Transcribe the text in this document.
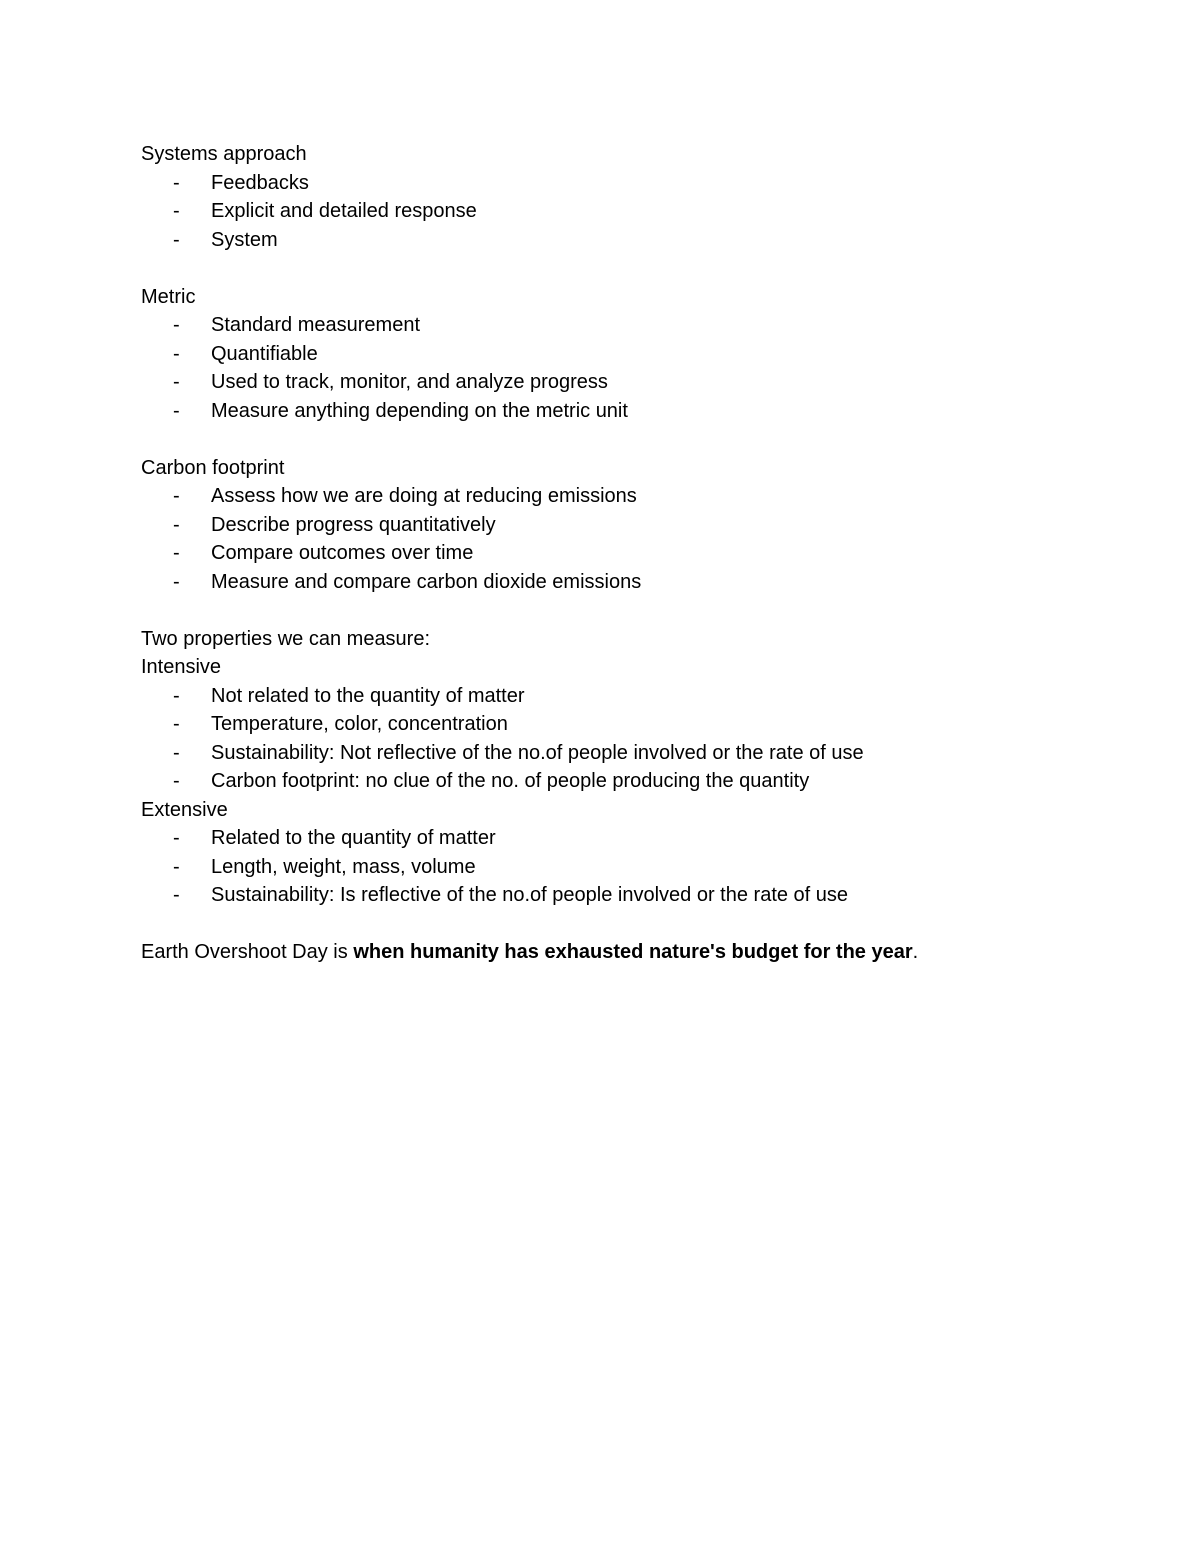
Systems approach

-	Feedbacks

-	Explicit and detailed response

-	System

Metric

-	Standard measurement

-	Quantifiable

-	Used to track, monitor, and analyze progress

-	Measure anything depending on the metric unit

Carbon footprint

-	Assess how we are doing at reducing emissions

-	Describe progress quantitatively

-	Compare outcomes over time

-	Measure and compare carbon dioxide emissions

Two properties we can measure:

Intensive

-	Not related to the quantity of matter

-	Temperature, color, concentration

-	Sustainability: Not reflective of the no.of people involved or the rate of use

-	Carbon footprint: no clue of the no. of people producing the quantity

Extensive

-	Related to the quantity of matter

-	Length, weight, mass, volume

-	Sustainability: Is reflective of the no.of people involved or the rate of use

Earth Overshoot Day is when humanity has exhausted nature's budget for the year.
